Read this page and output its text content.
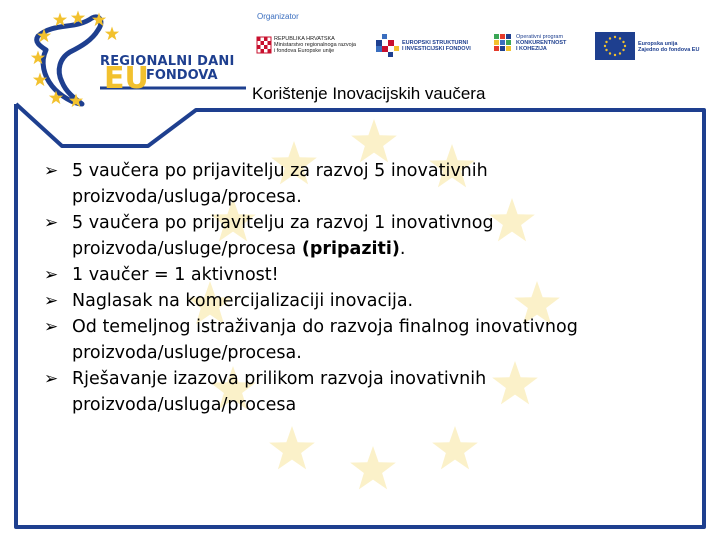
REGIONALNI DANI
EU
FONDOVA
Organizator
REPUBLIKA HRVATSKA
Ministarstvo regionalnoga razvoja
i fondova Europske unije
EUROPSKI STRUKTURNI
I INVESTICIJSKI FONDOVI
Operativni program
KONKURENTNOST
I KOHEZIJA
Europska unija
Zajedno do fondova EU
Korištenje Inovacijskih vaučera
➢ 5 vaučera po prijavitelju za razvoj 5 inovativnih proizvoda/usluga/procesa.
➢ 5 vaučera po prijavitelju za razvoj 1 inovativnog proizvoda/usluge/procesa (pripaziti).
➢ 1 vaučer = 1 aktivnost!
➢ Naglasak na komercijalizaciji inovacija.
➢ Od temeljnog istraživanja do razvoja finalnog inovativnog proizvoda/usluge/procesa.
➢ Rješavanje izazova prilikom razvoja inovativnih proizvoda/usluga/procesa
